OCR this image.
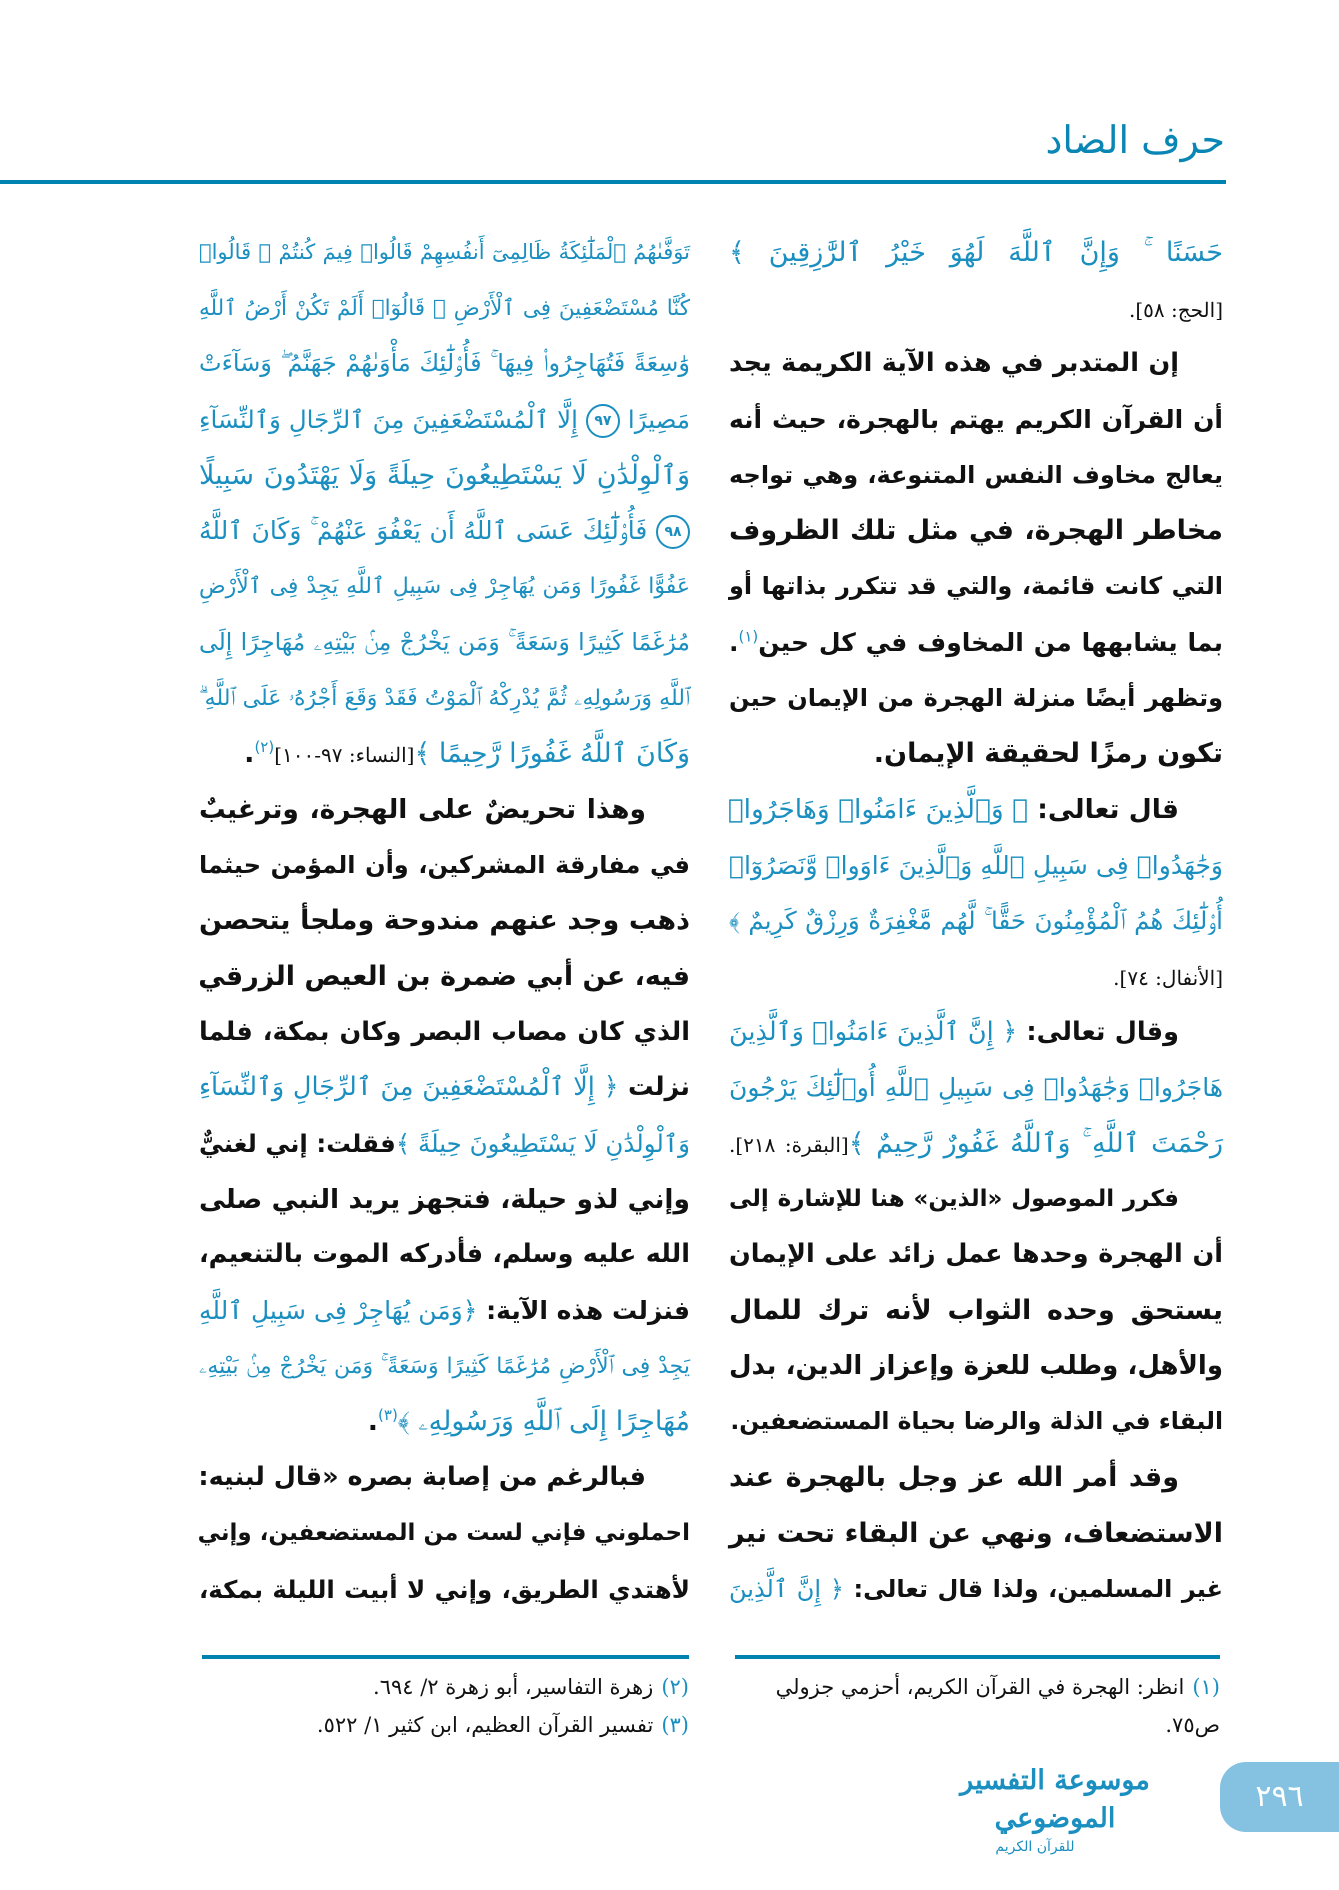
حرف الضاد
حَسَنًا ۚ وَإِنَّ ٱللَّهَ لَهُوَ خَيْرُ ٱلرَّٰزِقِينَ ﴾
[الحج: ٥٨].
إن المتدبر في هذه الآية الكريمة يجد
أن القرآن الكريم يهتم بالهجرة، حيث أنه
يعالج مخاوف النفس المتنوعة، وهي تواجه
مخاطر الهجرة، في مثل تلك الظروف
التي كانت قائمة، والتي قد تتكرر بذاتها أو
بما يشابهها من المخاوف في كل حين$^{(١)}$.
وتظهر أيضًا منزلة الهجرة من الإيمان حين
تكون رمزًا لحقيقة الإيمان.
قال تعالى: ﴿ وَٱلَّذِينَ ءَامَنُوا۟ وَهَاجَرُوا۟
وَجَٰهَدُوا۟ فِى سَبِيلِ ٱللَّهِ وَٱلَّذِينَ ءَاوَوا۟ وَّنَصَرُوٓا۟
أُو۟لَٰٓئِكَ هُمُ ٱلْمُؤْمِنُونَ حَقًّا ۚ لَّهُم مَّغْفِرَةٌ وَرِزْقٌ كَرِيمٌ ﴾
[الأنفال: ٧٤].
وقال تعالى: ﴿ إِنَّ ٱلَّذِينَ ءَامَنُوا۟ وَٱلَّذِينَ
هَاجَرُوا۟ وَجَٰهَدُوا۟ فِى سَبِيلِ ٱللَّهِ أُو۟لَٰٓئِكَ يَرْجُونَ
رَحْمَتَ ٱللَّهِ ۚ وَٱللَّهُ غَفُورٌ رَّحِيمٌ ﴾[البقرة: ٢١٨].
فكرر الموصول «الذين» هنا للإشارة إلى
أن الهجرة وحدها عمل زائد على الإيمان
يستحق وحده الثواب لأنه ترك للمال
والأهل، وطلب للعزة وإعزاز الدين، بدل
البقاء في الذلة والرضا بحياة المستضعفين.
وقد أمر الله عز وجل بالهجرة عند
الاستضعاف، ونهي عن البقاء تحت نير
غير المسلمين، ولذا قال تعالى: ﴿ إِنَّ ٱلَّذِينَ
تَوَفَّىٰهُمُ ٱلْمَلَٰٓئِكَةُ ظَالِمِىٓ أَنفُسِهِمْ قَالُوا۟ فِيمَ كُنتُمْ ۖ قَالُوا۟
كُنَّا مُسْتَضْعَفِينَ فِى ٱلْأَرْضِ ۚ قَالُوٓا۟ أَلَمْ تَكُنْ أَرْضُ ٱللَّهِ
وَٰسِعَةً فَتُهَاجِرُوا۟ فِيهَا ۚ فَأُو۟لَٰٓئِكَ مَأْوَىٰهُمْ جَهَنَّمُ ۖ وَسَآءَتْ
مَصِيرًا ٩٧ إِلَّا ٱلْمُسْتَضْعَفِينَ مِنَ ٱلرِّجَالِ وَٱلنِّسَآءِ
وَٱلْوِلْدَٰنِ لَا يَسْتَطِيعُونَ حِيلَةً وَلَا يَهْتَدُونَ سَبِيلًا
٩٨ فَأُو۟لَٰٓئِكَ عَسَى ٱللَّهُ أَن يَعْفُوَ عَنْهُمْ ۚ وَكَانَ ٱللَّهُ
عَفُوًّا غَفُورًا وَمَن يُهَاجِرْ فِى سَبِيلِ ٱللَّهِ يَجِدْ فِى ٱلْأَرْضِ
مُرَٰغَمًا كَثِيرًا وَسَعَةً ۚ وَمَن يَخْرُجْ مِنۢ بَيْتِهِۦ مُهَاجِرًا إِلَى
ٱللَّهِ وَرَسُولِهِۦ ثُمَّ يُدْرِكْهُ ٱلْمَوْتُ فَقَدْ وَقَعَ أَجْرُهُۥ عَلَى ٱللَّهِ ۗ
وَكَانَ ٱللَّهُ غَفُورًا رَّحِيمًا ﴾[النساء: ٩٧-١٠٠]$^{(٢)}$.
وهذا تحريضٌ على الهجرة، وترغيبٌ
في مفارقة المشركين، وأن المؤمن حيثما
ذهب وجد عنهم مندوحة وملجأ يتحصن
فيه، عن أبي ضمرة بن العيص الزرقي
الذي كان مصاب البصر وكان بمكة، فلما
نزلت ﴿ إِلَّا ٱلْمُسْتَضْعَفِينَ مِنَ ٱلرِّجَالِ وَٱلنِّسَآءِ
وَٱلْوِلْدَٰنِ لَا يَسْتَطِيعُونَ حِيلَةً ﴾فقلت: إني لغنيٌّ
وإني لذو حيلة، فتجهز يريد النبي صلى
الله عليه وسلم، فأدركه الموت بالتنعيم،
فنزلت هذه الآية: ﴿وَمَن يُهَاجِرْ فِى سَبِيلِ ٱللَّهِ
يَجِدْ فِى ٱلْأَرْضِ مُرَٰغَمًا كَثِيرًا وَسَعَةً ۚ وَمَن يَخْرُجْ مِنۢ بَيْتِهِۦ
مُهَاجِرًا إِلَى ٱللَّهِ وَرَسُولِهِۦ ﴾$^{(٣)}$.
فبالرغم من إصابة بصره «قال لبنيه:
احملوني فإني لست من المستضعفين، وإني
لأهتدي الطريق، وإني لا أبيت الليلة بمكة،
(١)انظر: الهجرة في القرآن الكريم، أحزمي جزولي ص٧٥.
(٢)زهرة التفاسير، أبو زهرة ٢/ ٦٩٤.
(٣)تفسير القرآن العظيم، ابن كثير ١/ ٥٢٢.
٢٩٦
موسوعة التفسير الموضوعي
للقرآن الكريم
